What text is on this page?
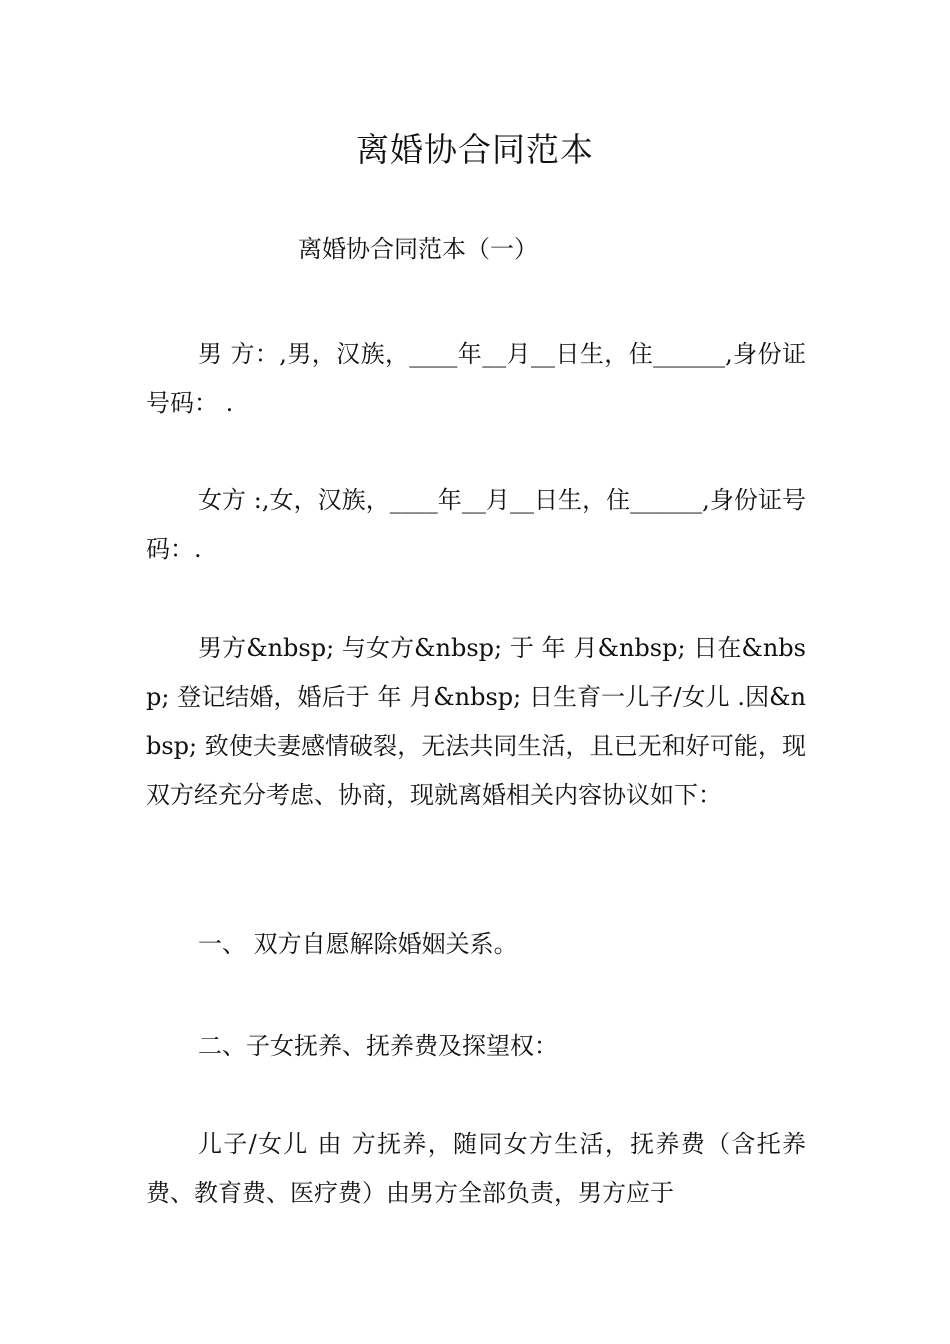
离婚协合同范本

离婚协合同范本（一）

男 方：,男，汉族，____年__月__日生，住______,身份证号码： .

女方 :,女，汉族，____年__月__日生，住______,身份证号码：.

男方&nbsp; 与女方&nbsp; 于 年 月&nbsp; 日在&nbsp; 登记结婚，婚后于 年 月&nbsp; 日生育一儿子/女儿 .因&nbsp; 致使夫妻感情破裂，无法共同生活，且已无和好可能，现双方经充分考虑、协商，现就离婚相关内容协议如下：

一、 双方自愿解除婚姻关系。

二、子女抚养、抚养费及探望权：

儿子/女儿 由 方抚养，随同女方生活，抚养费（含托养费、教育费、医疗费）由男方全部负责，男方应于
